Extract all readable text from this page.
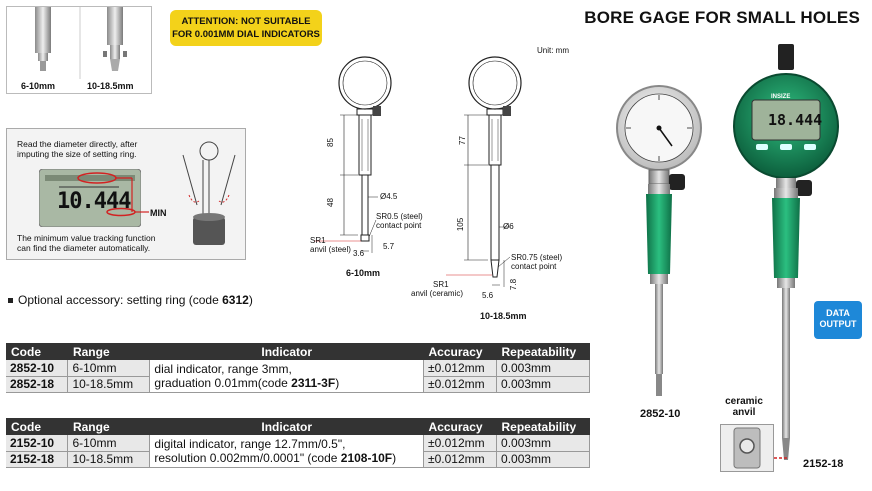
6-10mm	10-18.5mm
ATTENTION: NOT SUITABLE
FOR 0.001MM DIAL INDICATORS
BORE GAGE FOR SMALL HOLES
Read the diameter directly, after
imputing the size of setting ring.
10.444 MIN
The minimum value tracking function
can find the diameter automatically.
Unit: mm
85
48
Ø4.5
SR0.5 (steel)
contact point
SR1
anvil (steel) 3.6
5.7
6-10mm
77
105	Ø6
SR0.75 (steel)
contact point
SR1
anvil (ceramic) 5.6
7.8
10-18.5mm
Optional accessory: setting ring (code 6312)
Code	Range	Indicator	Accuracy	Repeatability
2852-10	6-10mm	dial indicator, range 3mm,
graduation 0.01mm(code 2311-3F)	±0.012mm	0.003mm
2852-18	10-18.5mm		±0.012mm	0.003mm
Code	Range	Indicator	Accuracy	Repeatability
2152-10	6-10mm	digital indicator, range 12.7mm/0.5",
resolution 0.002mm/0.0001" (code 2108-10F)	±0.012mm	0.003mm
2152-18	10-18.5mm		±0.012mm	0.003mm
2852-10
18.444
INSIZE
2152-18
DATA
OUTPUT
ceramic
anvil
